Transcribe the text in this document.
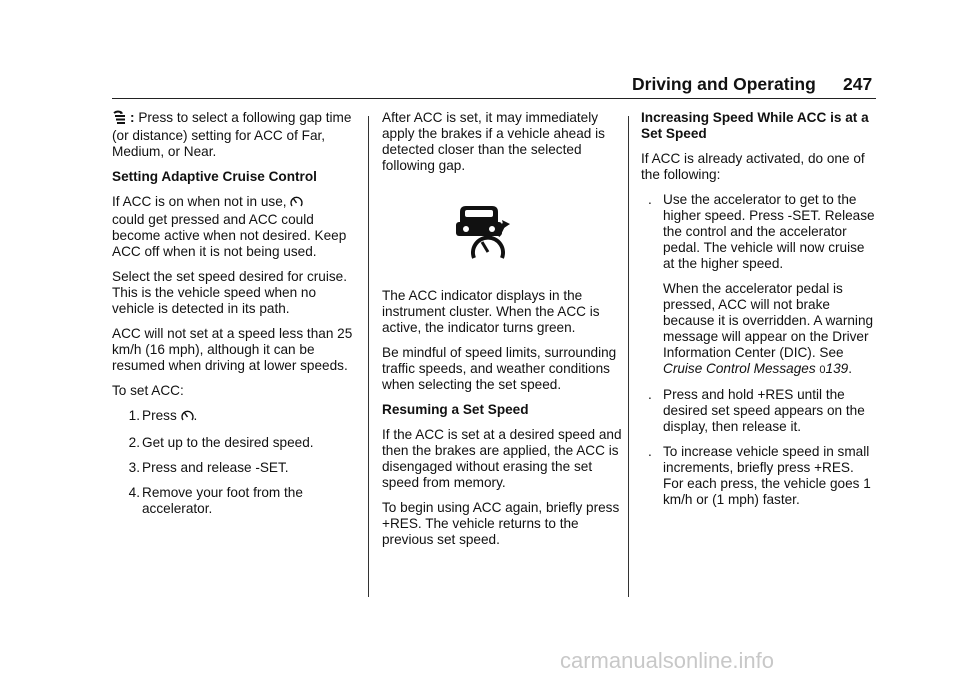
Driving and Operating 247

: Press to select a following gap time (or distance) setting for ACC of Far, Medium, or Near.

Setting Adaptive Cruise Control

If ACC is on when not in use,
could get pressed and ACC could become active when not desired. Keep ACC off when it is not being used.

Select the set speed desired for cruise. This is the vehicle speed when no vehicle is detected in its path.

ACC will not set at a speed less than 25 km/h (16 mph), although it can be resumed when driving at lower speeds.

To set ACC:

1. Press .
2. Get up to the desired speed.
3. Press and release -SET.
4. Remove your foot from the accelerator.

After ACC is set, it may immediately apply the brakes if a vehicle ahead is detected closer than the selected following gap.

The ACC indicator displays in the instrument cluster. When the ACC is active, the indicator turns green.

Be mindful of speed limits, surrounding traffic speeds, and weather conditions when selecting the set speed.

Resuming a Set Speed

If the ACC is set at a desired speed and then the brakes are applied, the ACC is disengaged without erasing the set speed from memory.

To begin using ACC again, briefly press +RES. The vehicle returns to the previous set speed.

Increasing Speed While ACC is at a Set Speed

If ACC is already activated, do one of the following:

. Use the accelerator to get to the higher speed. Press -SET. Release the control and the accelerator pedal. The vehicle will now cruise at the higher speed.
When the accelerator pedal is pressed, ACC will not brake because it is overridden. A warning message will appear on the Driver Information Center (DIC). See Cruise Control Messages 0139.
. Press and hold +RES until the desired set speed appears on the display, then release it.
. To increase vehicle speed in small increments, briefly press +RES. For each press, the vehicle goes 1 km/h or (1 mph) faster.
carmanualsonline.info
